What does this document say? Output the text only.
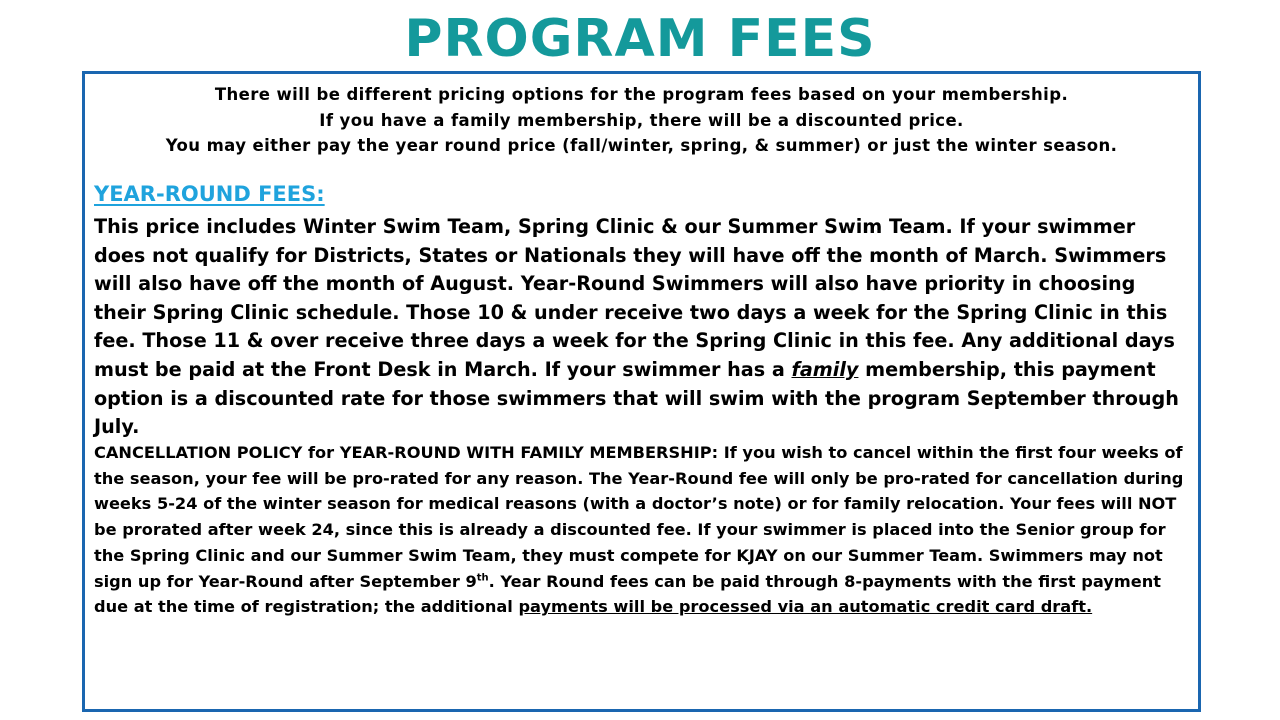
PROGRAM FEES
There will be different pricing options for the program fees based on your membership.
If you have a family membership, there will be a discounted price.
You may either pay the year round price (fall/winter, spring, & summer) or just the winter season.
YEAR-ROUND FEES:

This price includes Winter Swim Team, Spring Clinic & our Summer Swim Team. If your swimmer does not qualify for Districts, States or Nationals they will have off the month of March. Swimmers will also have off the month of August. Year-Round Swimmers will also have priority in choosing their Spring Clinic schedule. Those 10 & under receive two days a week for the Spring Clinic in this fee. Those 11 & over receive three days a week for the Spring Clinic in this fee. Any additional days must be paid at the Front Desk in March. If your swimmer has a family membership, this payment option is a discounted rate for those swimmers that will swim with the program September through July.

CANCELLATION POLICY for YEAR-ROUND WITH FAMILY MEMBERSHIP: If you wish to cancel within the first four weeks of the season, your fee will be pro-rated for any reason. The Year-Round fee will only be pro-rated for cancellation during weeks 5-24 of the winter season for medical reasons (with a doctor’s note) or for family relocation. Your fees will NOT be prorated after week 24, since this is already a discounted fee. If your swimmer is placed into the Senior group for the Spring Clinic and our Summer Swim Team, they must compete for KJAY on our Summer Team. Swimmers may not sign up for Year-Round after September 9th. Year Round fees can be paid through 8-payments with the first payment due at the time of registration; the additional payments will be processed via an automatic credit card draft.
